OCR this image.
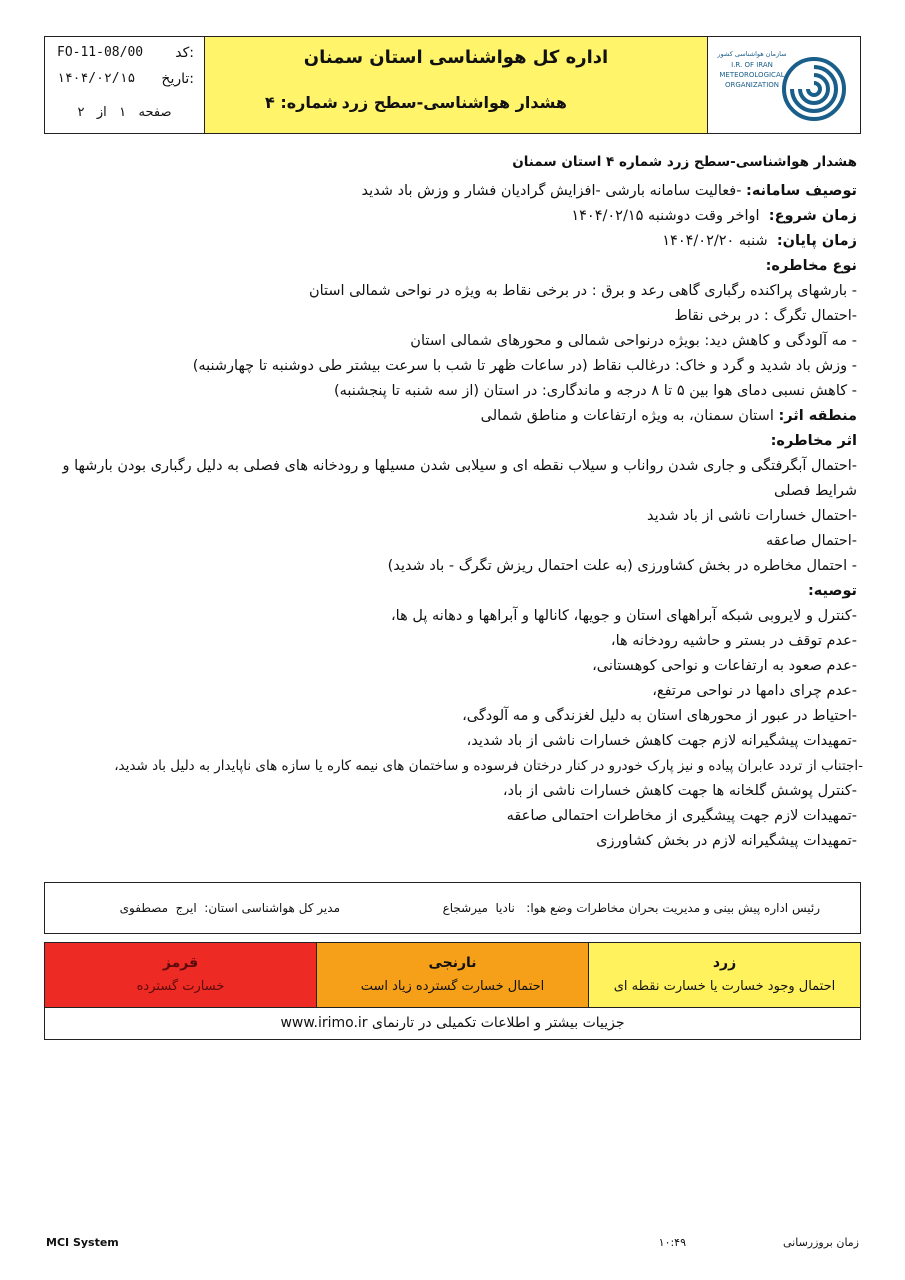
کد:
FO-11-08/00
تاریخ:
۱۴۰۴/۰۲/۱۵
صفحه   ۱   از   ۲
اداره کل هواشناسی استان سمنان
هشدار هواشناسی-سطح زرد
شماره: ۴
سازمان هواشناسی کشور
I.R. OF IRAN
METEOROLOGICAL
ORGANIZATION

هشدار هواشناسی-سطح زرد شماره ۴ استان سمنان

توصیف سامانه: -فعالیت سامانه بارشی -افزایش گرادیان فشار و وزش باد شدید

زمان شروع:  اواخر وقت دوشنبه ۱۴۰۴/۰۲/۱۵

زمان پایان:  شنبه ۱۴۰۴/۰۲/۲۰

نوع مخاطره:

- بارشهای پراکنده رگباری گاهی رعد و برق : در برخی نقاط به ویژه در نواحی شمالی استان

-احتمال تگرگ : در برخی نقاط

- مه آلودگی و کاهش دید: بویژه درنواحی شمالی و محورهای شمالی استان

- وزش باد شدید و گرد و خاک: درغالب نقاط (در ساعات ظهر تا شب با سرعت بیشتر طی دوشنبه تا چهارشنبه)

- کاهش نسبی دمای هوا بین ۵ تا ۸ درجه و ماندگاری: در استان (از سه شنبه تا پنجشنبه)

منطقه اثر: استان سمنان، به ویژه ارتفاعات و مناطق شمالی

اثر مخاطره:

-احتمال آبگرفتگی و جاری شدن رواناب و سیلاب نقطه ای و سیلابی شدن مسیلها و رودخانه های فصلی به دلیل رگباری بودن بارشها و شرایط فصلی

-احتمال خسارات ناشی از باد شدید

-احتمال صاعقه

- احتمال مخاطره در بخش کشاورزی (به علت احتمال ریزش تگرگ - باد شدید)

توصیه:

-کنترل و لایروبی شبکه آبراههای استان و جویها، کانالها و آبراهها و دهانه پل ها،

-عدم توقف در بستر و حاشیه رودخانه ها،

-عدم صعود به ارتفاعات و نواحی کوهستانی،

-عدم چرای دامها در نواحی مرتفع،

-احتیاط در عبور از محورهای استان به دلیل لغزندگی و مه آلودگی،

-تمهیدات پیشگیرانه لازم جهت کاهش خسارات ناشی از باد شدید،

-اجتناب از تردد عابران پیاده و نیز پارک خودرو در کنار درختان فرسوده و ساختمان های نیمه کاره یا سازه های ناپایدار به دلیل باد شدید،

-کنترل پوشش گلخانه ها جهت کاهش خسارات ناشی از باد،

-تمهیدات لازم جهت پیشگیری از مخاطرات احتمالی صاعقه

-تمهیدات پیشگیرانه لازم در بخش کشاورزی

رئیس اداره پیش بینی و مدیریت بحران مخاطرات وضع هوا:   نادیا  میرشجاع
مدیر کل هواشناسی استان:  ایرج  مصطفوی
قرمز
خسارت گسترده
نارنجی
احتمال خسارت گسترده زیاد است
زرد
احتمال وجود خسارت یا خسارت نقطه ای
جزییات بیشتر و اطلاعات تکمیلی در تارنمای www.irimo.ir
MCI System	زمان بروزرسانی  ۱۰:۴۹
